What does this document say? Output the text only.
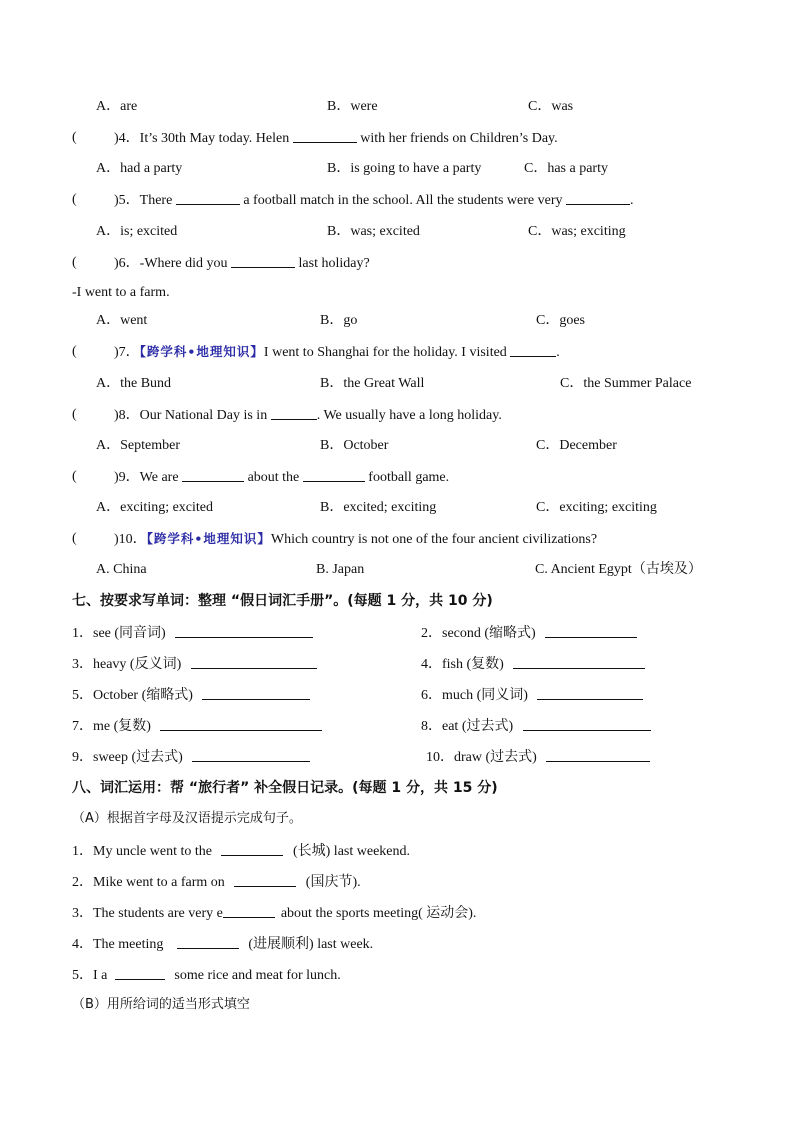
A．are	B．were	C．was
(	)4．It’s 30th May today. Helen	with her friends on Children’s Day.
A．had a party	B．is going to have a party	C．has a party
(	)5．There	a football match in the school. All the students were very	.
A．is; excited	B．was; excited	C．was; exciting
(	)6．-Where did you	last holiday?
-I went to a farm.
A．went	B．go	C．goes
(	)7．【跨学科•地理知识】I went to Shanghai for the holiday. I visited	.
A．the Bund	B．the Great Wall	C．the Summer Palace
(	)8．Our National Day is in	. We usually have a long holiday.
A．September	B．October	C．December
(	)9．We are	about the	football game.
A．exciting; excited	B．excited; exciting	C．exciting; exciting
(	)10．【跨学科•地理知识】Which country is not one of the four ancient civilizations?
A. China	B. Japan	C. Ancient Egypt（古埃及）
七、按要求写单词：整理 “假日词汇手册”。(每题 1 分，共 10 分)
1．see (同音词)	2．second (缩略式)
3．heavy (反义词)	4．fish (复数)
5．October (缩略式)	6．much (同义词)
7．me (复数)	8．eat (过去式)
9．sweep (过去式)	10．draw (过去式)
八、词汇运用：帮 “旅行者” 补全假日记录。(每题 1 分，共 15 分)
（A）根据首字母及汉语提示完成句子。
1．My uncle went to the	(长城) last weekend.
2．Mike went to a farm on	(国庆节).
3．The students are very e	about the sports meeting( 运动会).
4．The meeting	(进展顺利) last week.
5．I a	some rice and meat for lunch.
（B）用所给词的适当形式填空
